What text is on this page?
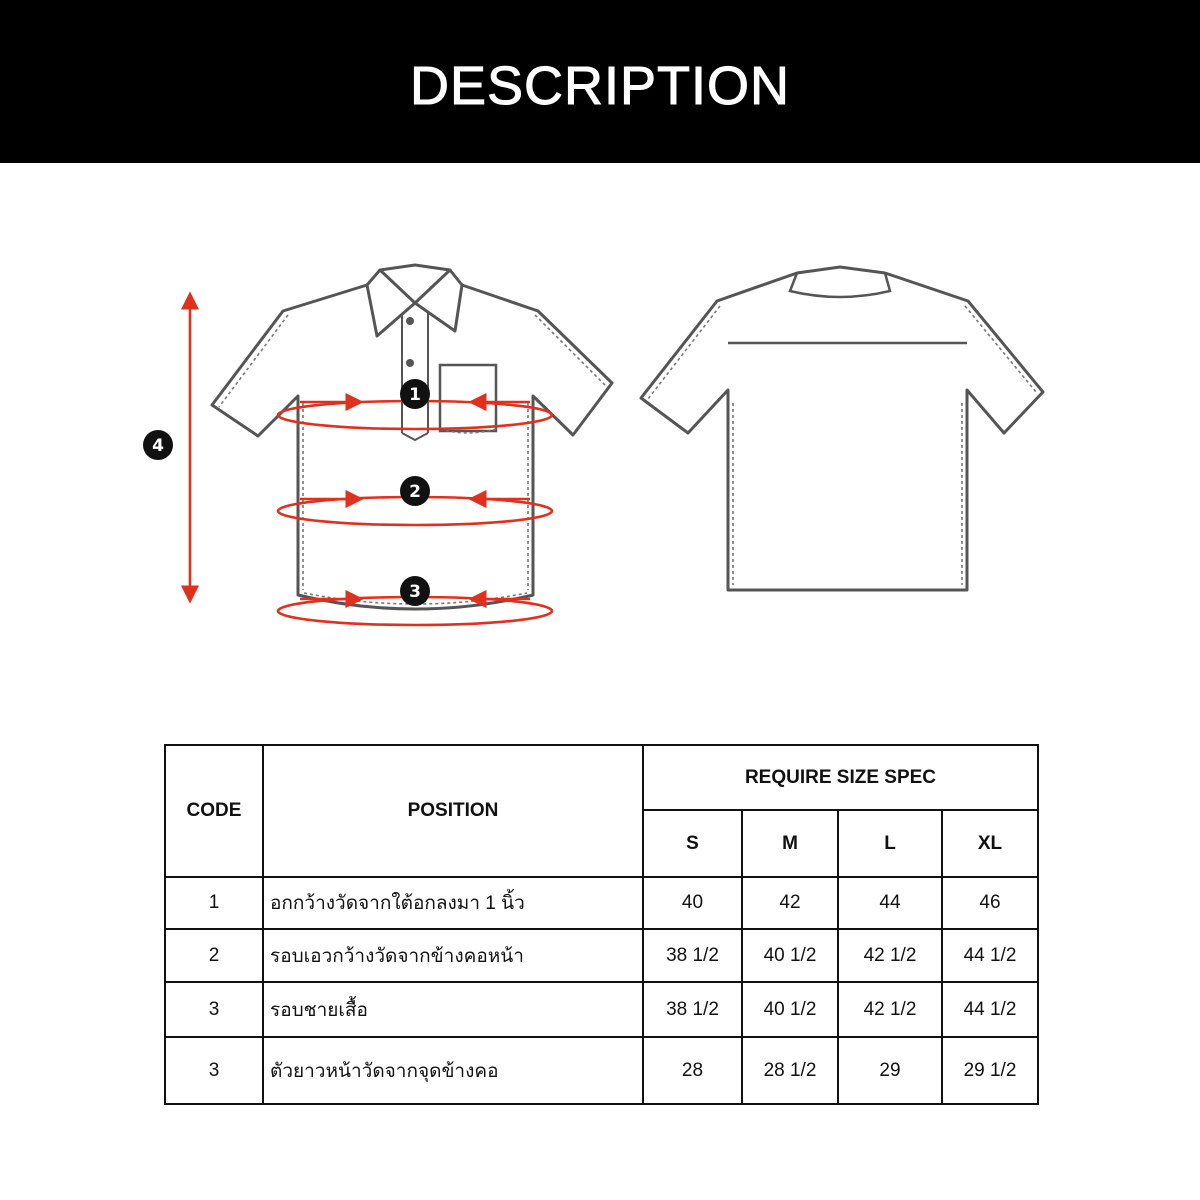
DESCRIPTION
1
2
3
4
CODE	POSITION	REQUIRE SIZE SPEC			
		S	M	L	XL
1	อกกว้างวัดจากใต้อกลงมา 1 นิ้ว	40	42	44	46
2	รอบเอวกว้างวัดจากข้างคอหน้า	38 1/2	40 1/2	42 1/2	44 1/2
3	รอบชายเสื้อ	38 1/2	40 1/2	42 1/2	44 1/2
3	ตัวยาวหน้าวัดจากจุดข้างคอ	28	28 1/2	29	29 1/2
